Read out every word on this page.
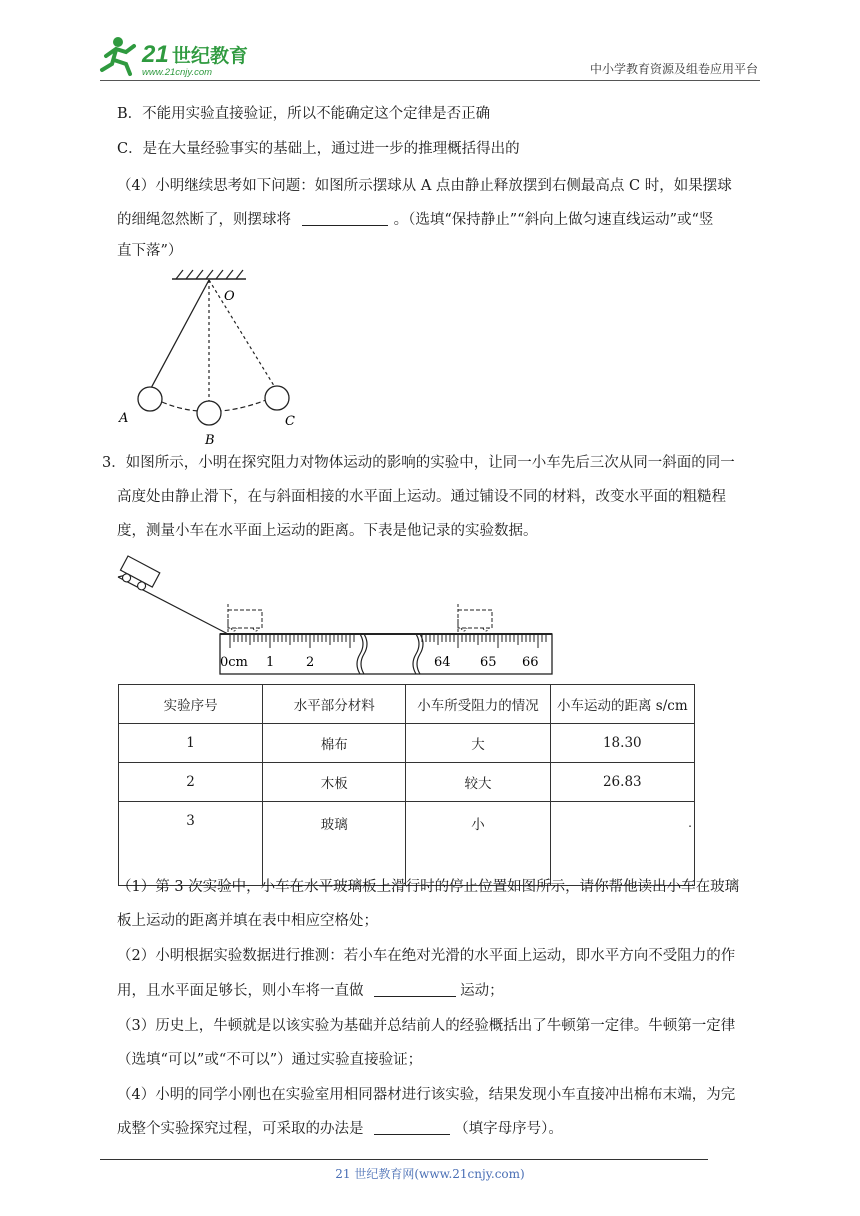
21 世纪教育
www.21cnjy.com	中小学教育资源及组卷应用平台
B．不能用实验直接验证，所以不能确定这个定律是否正确
C．是在大量经验事实的基础上，通过进一步的推理概括得出的
（4）小明继续思考如下问题：如图所示摆球从 A 点由静止释放摆到右侧最高点 C 时，如果摆球
的细绳忽然断了，则摆球将	。（选填“保持静止”“斜向上做匀速直线运动”或“竖
直下落”）
O
A
B
C
3．如图所示，小明在探究阻力对物体运动的影响的实验中，让同一小车先后三次从同一斜面的同一
高度处由静止滑下，在与斜面相接的水平面上运动。通过铺设不同的材料，改变水平面的粗糙程
度，测量小车在水平面上运动的距离。下表是他记录的实验数据。
0cm 1 2	64 65 66
实验序号	水平部分材料	小车所受阻力的情况	小车运动的距离 s/cm
1	棉布	大	18.30
2	木板	较大	26.83
3	玻璃	小	.
（1）第 3 次实验中，小车在水平玻璃板上滑行时的停止位置如图所示，请你帮他读出小车在玻璃
板上运动的距离并填在表中相应空格处；
（2）小明根据实验数据进行推测：若小车在绝对光滑的水平面上运动，即水平方向不受阻力的作
用，且水平面足够长，则小车将一直做	运动；
（3）历史上，牛顿就是以该实验为基础并总结前人的经验概括出了牛顿第一定律。牛顿第一定律
（选填“可以”或“不可以”）通过实验直接验证；
（4）小明的同学小刚也在实验室用相同器材进行该实验，结果发现小车直接冲出棉布末端，为完
成整个实验探究过程，可采取的办法是	（填字母序号）。
21 世纪教育网(www.21cnjy.com)
